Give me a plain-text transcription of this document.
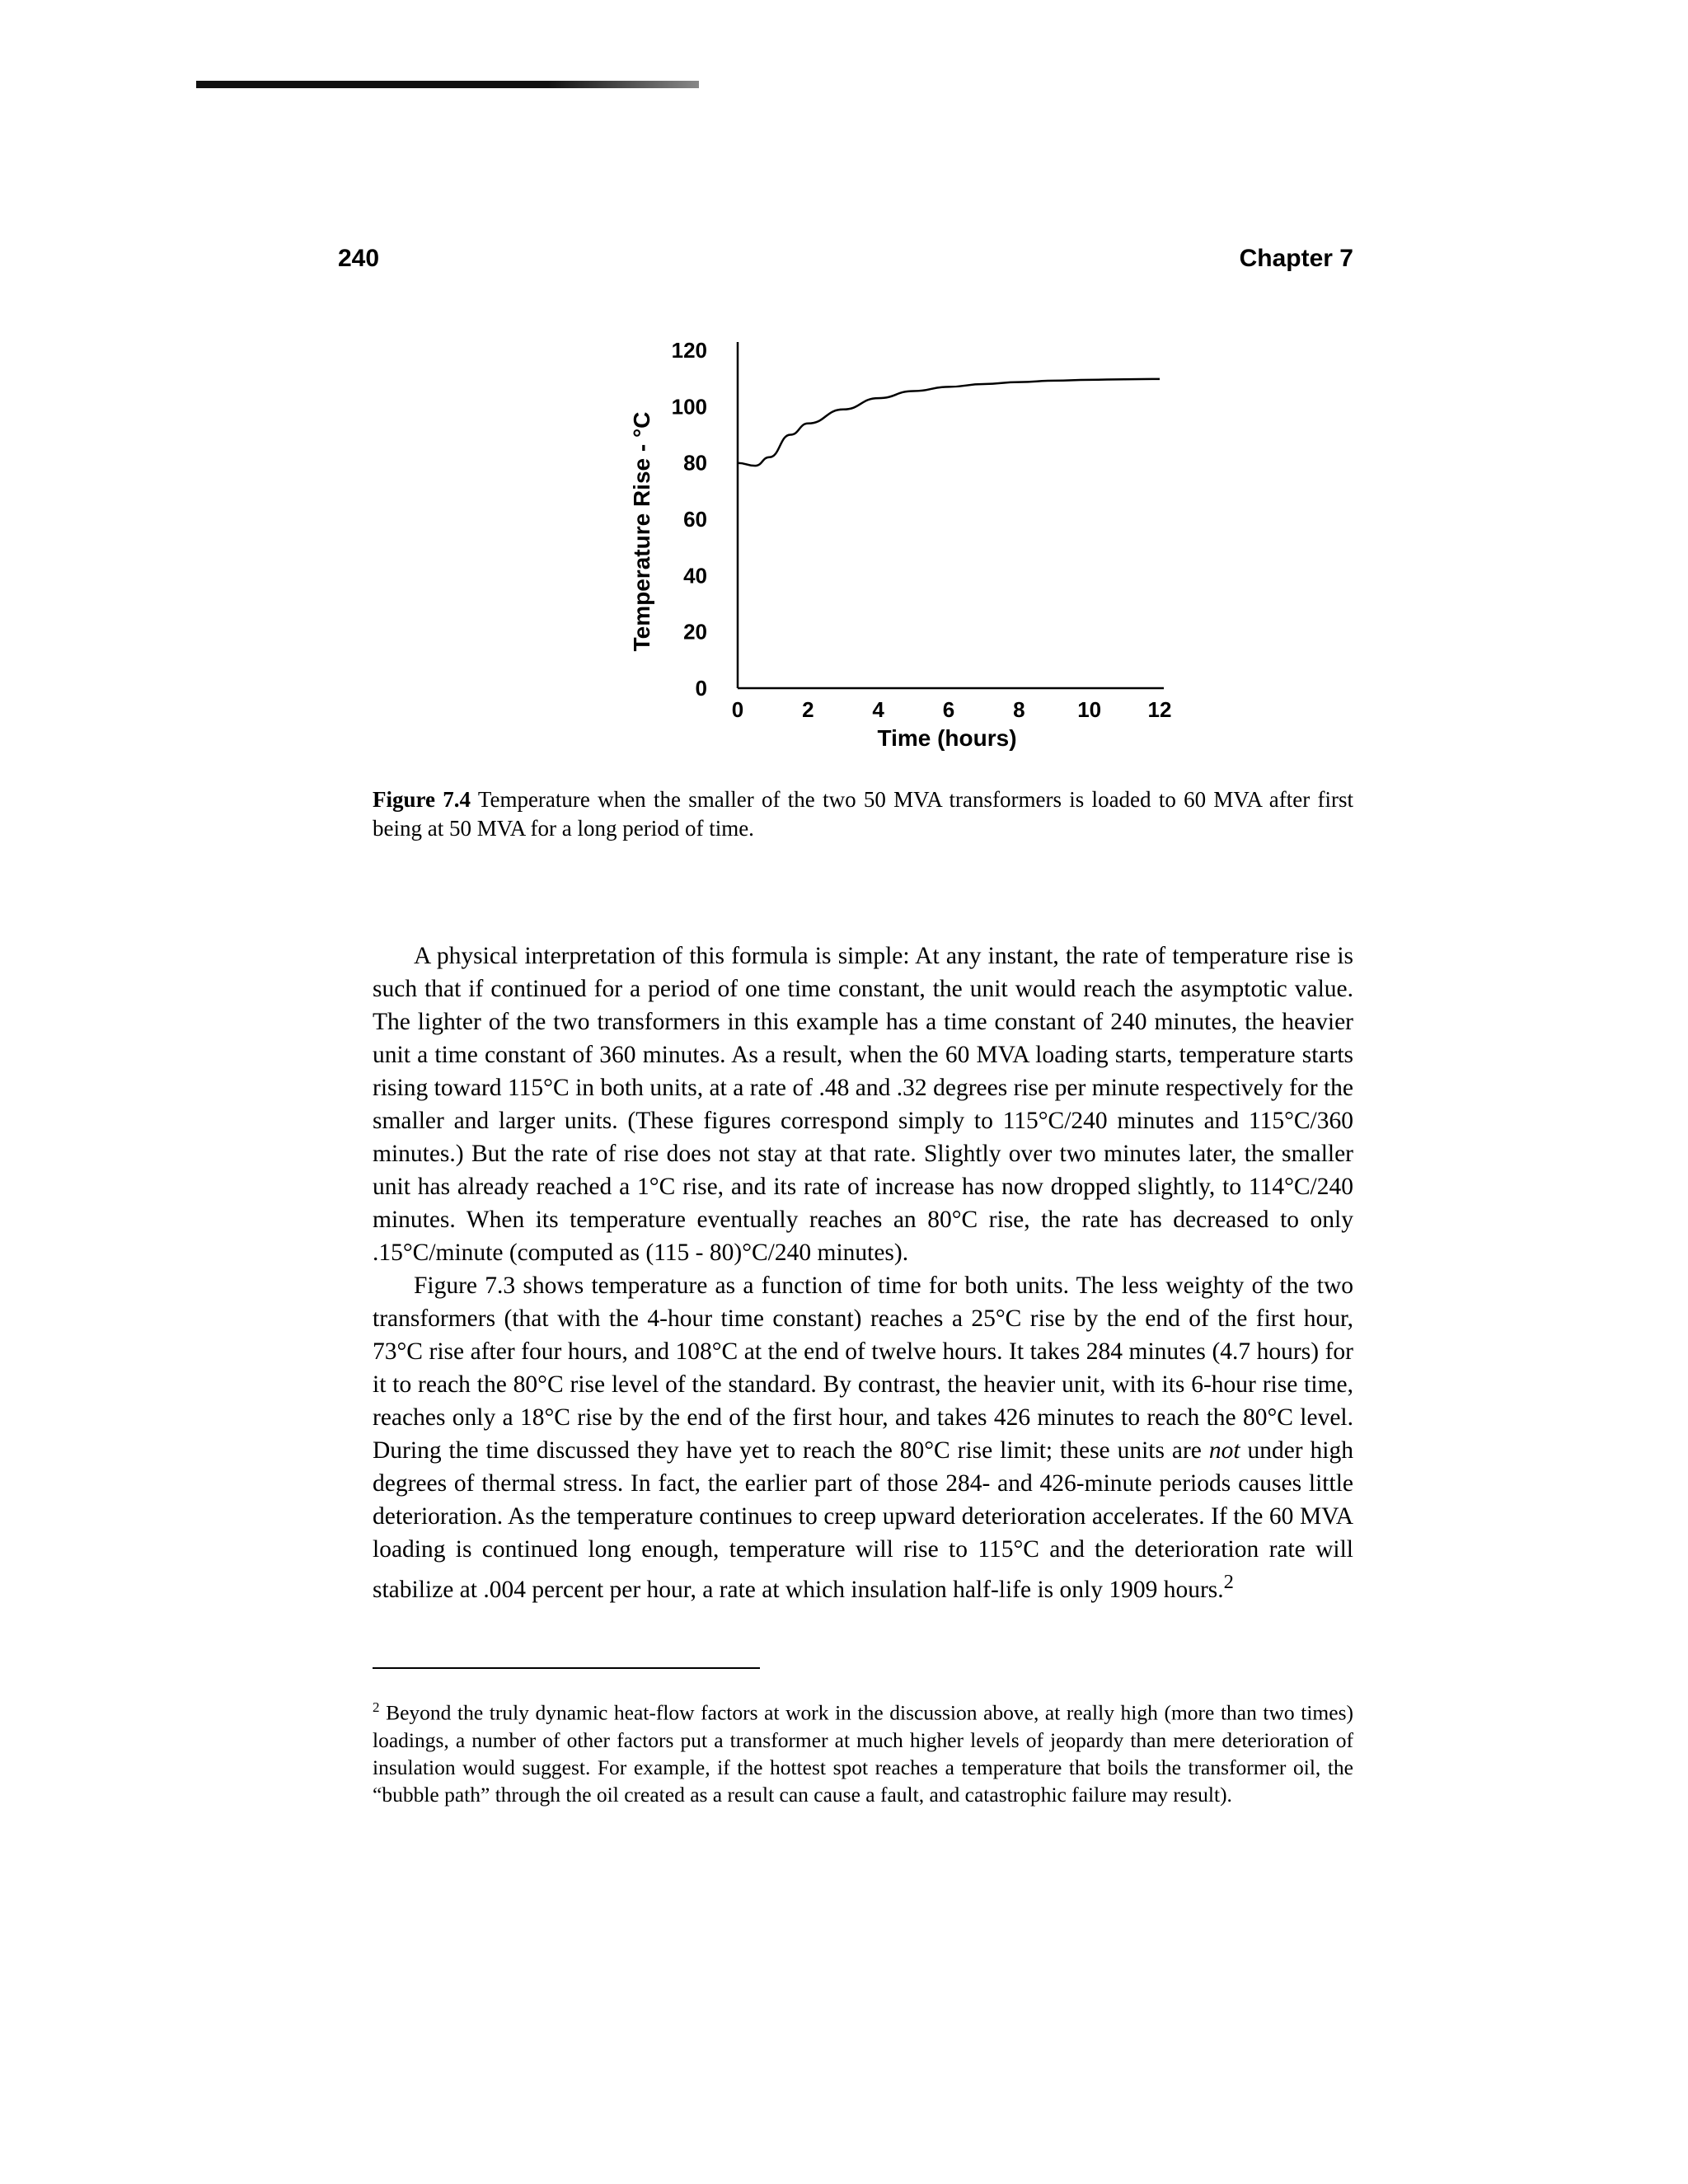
240	Chapter 7
0
20
40
60
80
100
120
0	2	4	6	8 10 12
Temperature Rise - °C
Time (hours)
Figure 7.4 Temperature when the smaller of the two 50 MVA transformers is loaded to 60 MVA after first being at 50 MVA for a long period of time.

A physical interpretation of this formula is simple: At any instant, the rate of temperature rise is such that if continued for a period of one time constant, the unit would reach the asymptotic value. The lighter of the two transformers in this example has a time constant of 240 minutes, the heavier unit a time constant of 360 minutes. As a result, when the 60 MVA loading starts, temperature starts rising toward 115°C in both units, at a rate of .48 and .32 degrees rise per minute respectively for the smaller and larger units. (These figures correspond simply to 115°C/240 minutes and 115°C/360 minutes.) But the rate of rise does not stay at that rate. Slightly over two minutes later, the smaller unit has already reached a 1°C rise, and its rate of increase has now dropped slightly, to 114°C/240 minutes. When its temperature eventually reaches an 80°C rise, the rate has decreased to only .15°C/minute (computed as (115 - 80)°C/240 minutes).

Figure 7.3 shows temperature as a function of time for both units. The less weighty of the two transformers (that with the 4-hour time constant) reaches a 25°C rise by the end of the first hour, 73°C rise after four hours, and 108°C at the end of twelve hours. It takes 284 minutes (4.7 hours) for it to reach the 80°C rise level of the standard. By contrast, the heavier unit, with its 6-hour rise time, reaches only a 18°C rise by the end of the first hour, and takes 426 minutes to reach the 80°C level. During the time discussed they have yet to reach the 80°C rise limit; these units are not under high degrees of thermal stress. In fact, the earlier part of those 284- and 426-minute periods causes little deterioration. As the temperature continues to creep upward deterioration accelerates. If the 60 MVA loading is continued long enough, temperature will rise to 115°C and the deterioration rate will stabilize at .004 percent per hour, a rate at which insulation half-life is only 1909 hours.$^2$

$^2$ Beyond the truly dynamic heat-flow factors at work in the discussion above, at really high (more than two times) loadings, a number of other factors put a transformer at much higher levels of jeopardy than mere deterioration of insulation would suggest. For example, if the hottest spot reaches a temperature that boils the transformer oil, the “bubble path” through the oil created as a result can cause a fault, and catastrophic failure may result).
